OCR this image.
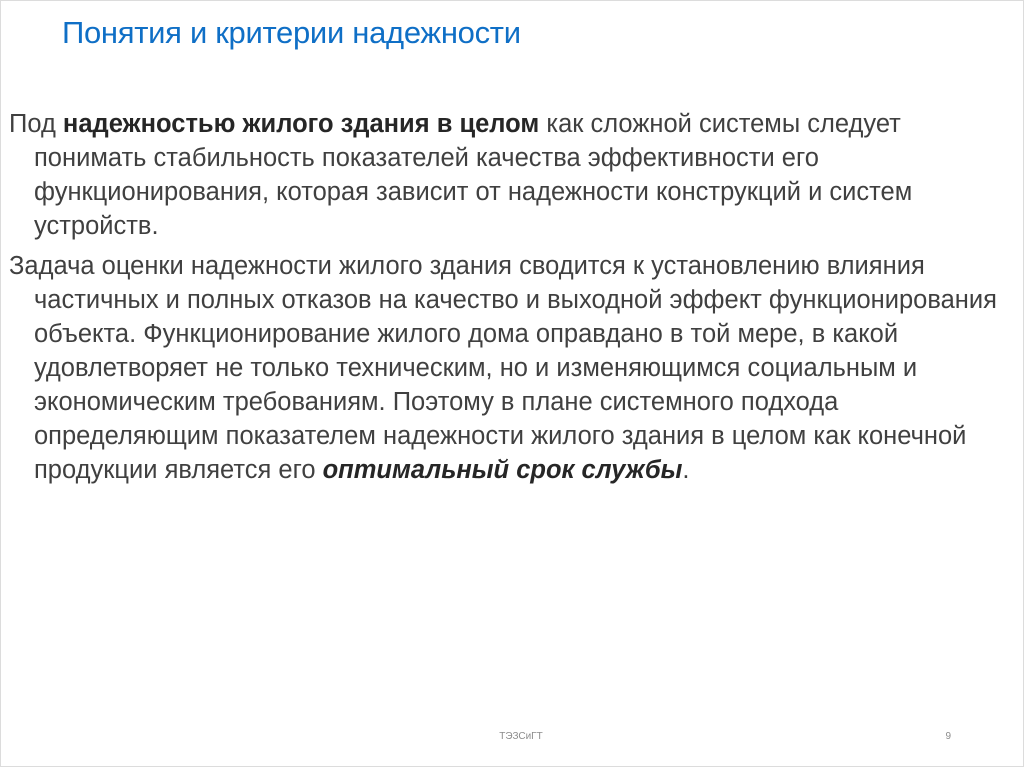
Понятия и критерии надежности

Под надежностью жилого здания в целом как сложной системы следует понимать стабильность показателей качества эффективности его функционирования, которая зависит от надежности конструкций и систем устройств.

Задача оценки надежности жилого здания сводится к установлению влияния частичных и полных отказов на качество и выходной эффект функционирования объекта. Функционирование жилого дома оправдано в той мере, в какой удовлетворяет не только техническим, но и изменяющимся социальным и экономическим требованиям. Поэтому в плане системного подхода определяющим показателем надежности жилого здания в целом как конечной продукции является его оптимальный срок службы.

ТЭЗСиГТ	9
